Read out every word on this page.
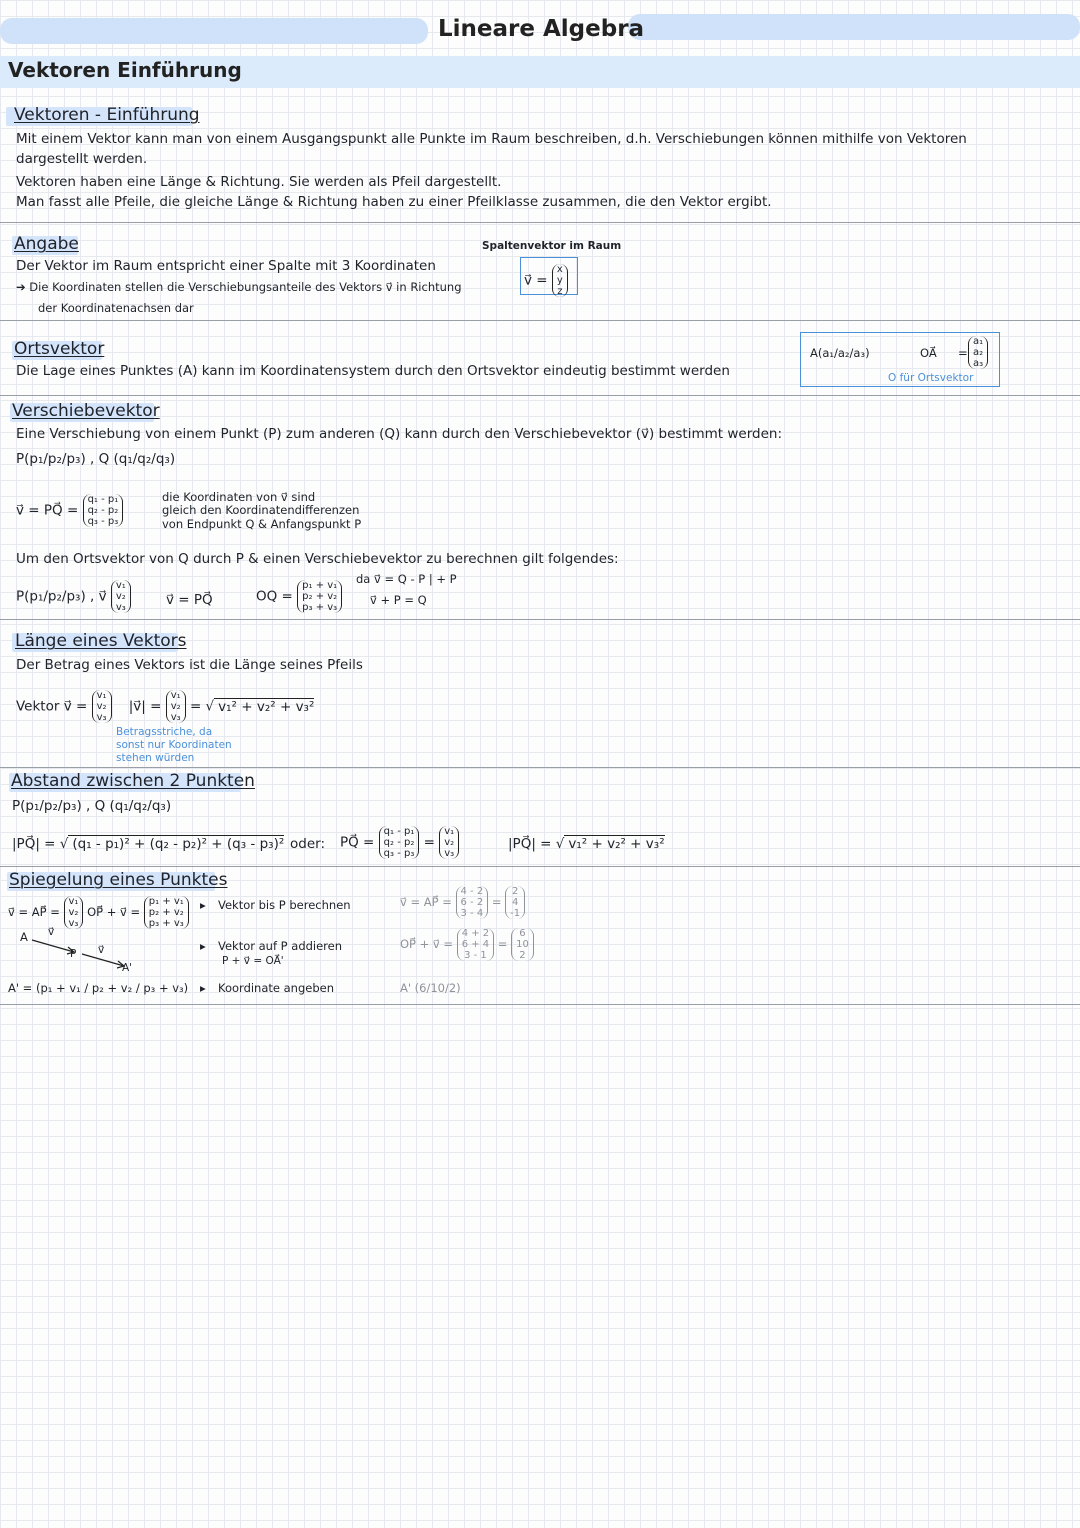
Lineare Algebra
Vektoren Einführung
Vektoren - Einführung
Mit einem Vektor kann man von einem Ausgangspunkt alle Punkte im Raum beschreiben, d.h. Verschiebungen können mithilfe von Vektoren
dargestellt werden.
Vektoren haben eine Länge & Richtung. Sie werden als Pfeil dargestellt.
Man fasst alle Pfeile, die gleiche Länge & Richtung haben zu einer Pfeilklasse zusammen, die den Vektor ergibt.
Angabe
Der Vektor im Raum entspricht einer Spalte mit 3 Koordinaten
➔ Die Koordinaten stellen die Verschiebungsanteile des Vektors v⃗ in Richtung
der Koordinatenachsen dar
Spaltenvektor im Raum
v⃗ = x
y
z
Ortsvektor
Die Lage eines Punktes (A) kann im Koordinatensystem durch den Ortsvektor eindeutig bestimmt werden
A(a₁/a₂/a₃)	OA⃗ =
a₁
a₂
a₃
O für Ortsvektor
Verschiebevektor
Eine Verschiebung von einem Punkt (P) zum anderen (Q) kann durch den Verschiebevektor (v⃗) bestimmt werden:
P(p₁/p₂/p₃) , Q (q₁/q₂/q₃)
v⃗ = PQ⃗ = q₁ - p₁
q₂ - p₂
q₃ - p₃
die Koordinaten von v⃗ sind
gleich den Koordinatendifferenzen
von Endpunkt Q & Anfangspunkt P
Um den Ortsvektor von Q durch P & einen Verschiebevektor zu berechnen gilt folgendes:
P(p₁/p₂/p₃) , v⃗ v₁
v₂
v₃	v⃗ = PQ⃗	OQ = p₁ + v₁
p₂ + v₂
p₃ + v₃
da v⃗ = Q - P | + P
v⃗ + P = Q
Länge eines Vektors
Der Betrag eines Vektors ist die Länge seines Pfeils
Vektor v⃗ = v₁
v₂
v₃    |v⃗| = v₁
v₂
v₃ = √ v₁² + v₂² + v₃²
Betragsstriche, da sonst nur Koordinaten stehen würden
Abstand zwischen 2 Punkten
P(p₁/p₂/p₃) , Q (q₁/q₂/q₃)
|PQ⃗| = √ (q₁ - p₁)² + (q₂ - p₂)² + (q₃ - p₃)² oder: PQ⃗ = q₁ - p₁
q₂ - p₂
q₃ - p₃ = v₁
v₂
v₃
|PQ⃗| = √ v₁² + v₂² + v₃²
Spiegelung eines Punktes
v⃗ = AP⃗ = v₁
v₂
v₃ OP⃗ + v⃗ = p₁ + v₁
p₂ + v₂
p₃ + v₃
A v⃗
P v⃗
A'
A' = (p₁ + v₁ / p₂ + v₂ / p₃ + v₃)
▸ Vektor bis P berechnen
▸ Vektor auf P addieren
P + v⃗ = OA⃗'
▸ Koordinate angeben
v⃗ = AP⃗ = 4 - 2
6 - 2
3 - 4 = 2
4
-1
OP⃗ + v⃗ = 4 + 2
6 + 4
3 - 1 = 6
10
2
A' (6/10/2)
